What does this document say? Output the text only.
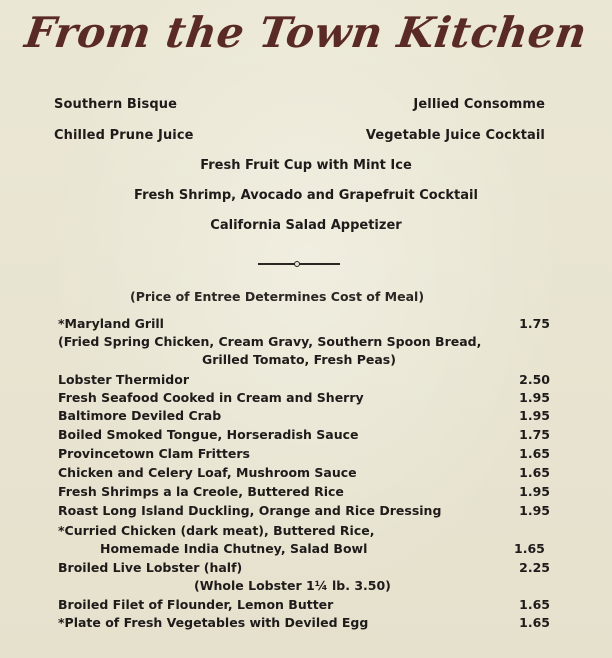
From the Town Kitchen
Southern Bisque	Jellied Consomme
Chilled Prune Juice	Vegetable Juice Cocktail
Fresh Fruit Cup with Mint Ice
Fresh Shrimp, Avocado and Grapefruit Cocktail
California Salad Appetizer
(Price of Entree Determines Cost of Meal)
*Maryland Grill	1.75
(Fried Spring Chicken, Cream Gravy, Southern Spoon Bread,
Grilled Tomato, Fresh Peas)
Lobster Thermidor	2.50
Fresh Seafood Cooked in Cream and Sherry	1.95
Baltimore Deviled Crab	1.95
Boiled Smoked Tongue, Horseradish Sauce	1.75
Provincetown Clam Fritters	1.65
Chicken and Celery Loaf, Mushroom Sauce	1.65
Fresh Shrimps a la Creole, Buttered Rice	1.95
Roast Long Island Duckling, Orange and Rice Dressing	1.95
*Curried Chicken (dark meat), Buttered Rice,
Homemade India Chutney, Salad Bowl	1.65
Broiled Live Lobster (half)	2.25
(Whole Lobster 1¼ lb. 3.50)
Broiled Filet of Flounder, Lemon Butter	1.65
*Plate of Fresh Vegetables with Deviled Egg	1.65
